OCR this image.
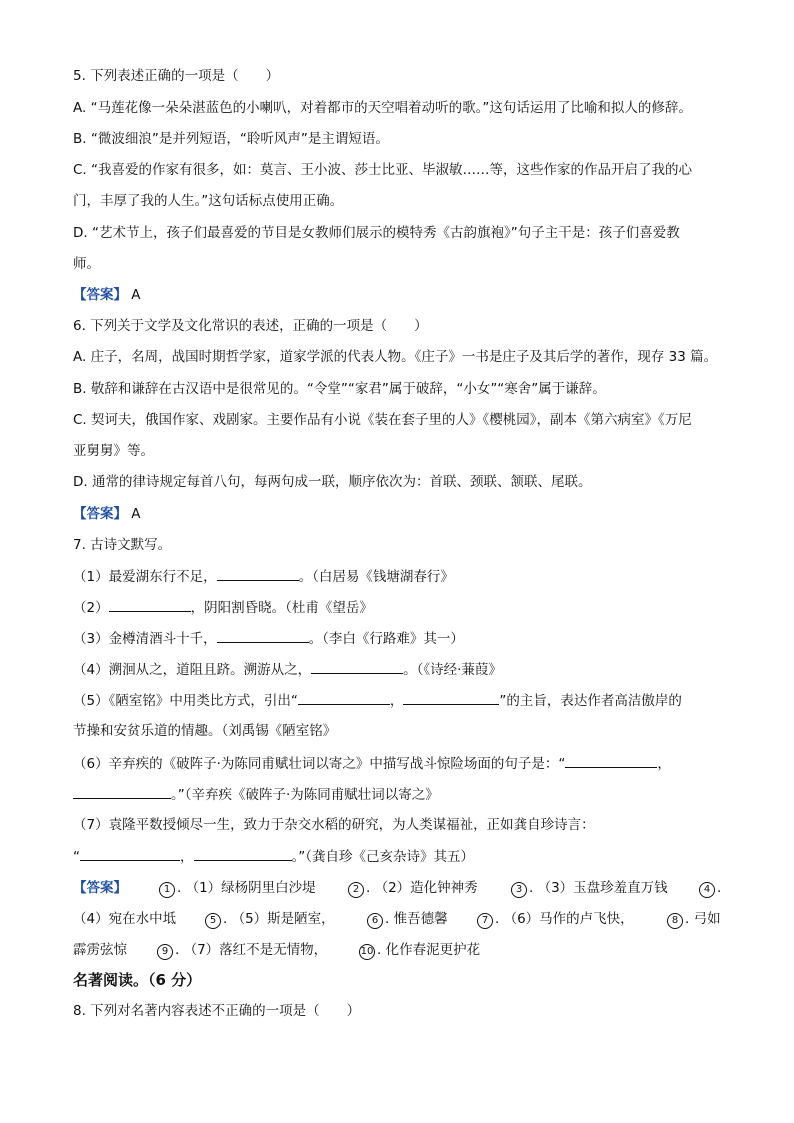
5. 下列表述正确的一项是（　　）
A. “马莲花像一朵朵湛蓝色的小喇叭，对着都市的天空唱着动听的歌。”这句话运用了比喻和拟人的修辞。
B. “微波细浪”是并列短语，“聆听风声”是主谓短语。
C. “我喜爱的作家有很多，如：莫言、王小波、莎士比亚、毕淑敏……等，这些作家的作品开启了我的心
门，丰厚了我的人生。”这句话标点使用正确。
D. “艺术节上，孩子们最喜爱的节目是女教师们展示的模特秀《古韵旗袍》”句子主干是：孩子们喜爱教
师。
【答案】 A
6. 下列关于文学及文化常识的表述，正确的一项是（　　）
A. 庄子，名周，战国时期哲学家，道家学派的代表人物。《庄子》一书是庄子及其后学的著作，现存 33 篇。
B. 敬辞和谦辞在古汉语中是很常见的。“令堂”“家君”属于破辞，“小女”“寒舍”属于谦辞。
C. 契诃夫，俄国作家、戏剧家。主要作品有小说《装在套子里的人》《樱桃园》，副本《第六病室》《万尼
亚舅舅》等。
D. 通常的律诗规定每首八句，每两句成一联，顺序依次为：首联、颈联、颔联、尾联。
【答案】 A
7. 古诗文默写。
（1）最爱湖东行不足，	。（白居易《钱塘湖春行》
（2）	，阴阳割昏晓。（杜甫《望岳》
（3）金樽清酒斗十千，	。（李白《行路难》其一）
（4）溯洄从之，道阻且跻。溯游从之，	。（《诗经·蒹葭》
（5）《陋室铭》中用类比方式，引出“	，	”的主旨，表达作者高洁傲岸的
节操和安贫乐道的情趣。（刘禹锡《陋室铭》
（6）辛弃疾的《破阵子·为陈同甫赋壮词以寄之》中描写战斗惊险场面的句子是：“	，
。”（辛弃疾《破阵子·为陈同甫赋壮词以寄之》
（7）袁隆平数授倾尽一生，致力于杂交水稻的研究，为人类谋福祉，正如龚自珍诗言：
“	，	。”（龚自珍《己亥杂诗》其五）
【答案】	1 . （1）绿杨阴里白沙堤	2 . （2）造化钟神秀	3 . （3）玉盘珍羞直万钱	4 .
（4）宛在水中坻	5 . （5）斯是陋室，	6 . 惟吾德馨	7 . （6）马作的卢飞快，	8 . 弓如
霹雳弦惊	9 . （7）落红不是无情物，	10 . 化作春泥更护花
名著阅读。（6 分）
8. 下列对名著内容表述不正确的一项是（　　）
